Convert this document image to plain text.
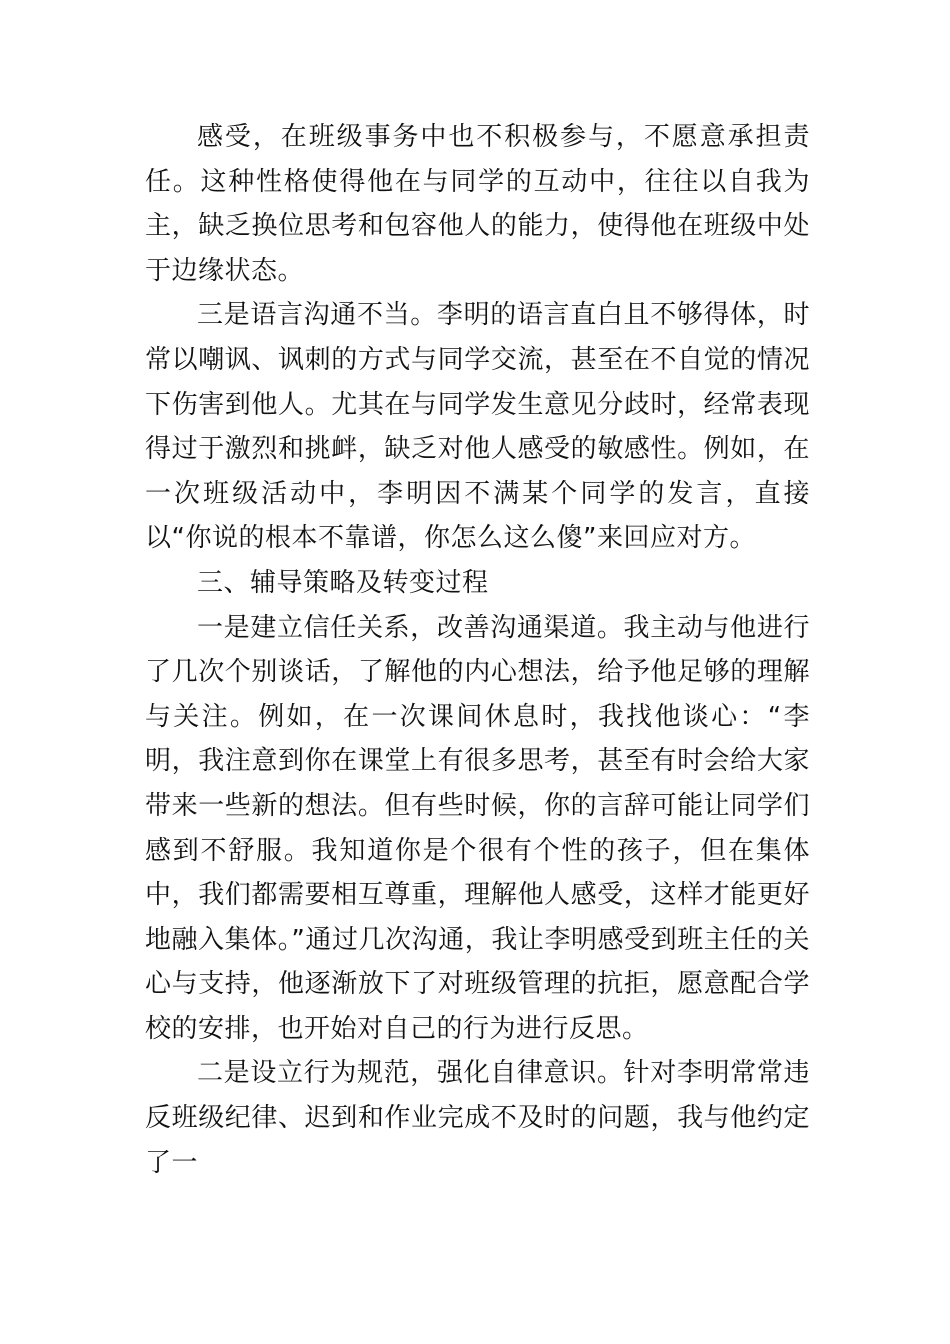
感受，在班级事务中也不积极参与，不愿意承担责任。这种性格使得他在与同学的互动中，往往以自我为主，缺乏换位思考和包容他人的能力，使得他在班级中处于边缘状态。

三是语言沟通不当。李明的语言直白且不够得体，时常以嘲讽、讽刺的方式与同学交流，甚至在不自觉的情况下伤害到他人。尤其在与同学发生意见分歧时，经常表现得过于激烈和挑衅，缺乏对他人感受的敏感性。例如，在一次班级活动中，李明因不满某个同学的发言，直接以“你说的根本不靠谱，你怎么这么傻”来回应对方。

三、辅导策略及转变过程

一是建立信任关系，改善沟通渠道。我主动与他进行了几次个别谈话，了解他的内心想法，给予他足够的理解与关注。例如，在一次课间休息时，我找他谈心：“李明，我注意到你在课堂上有很多思考，甚至有时会给大家带来一些新的想法。但有些时候，你的言辞可能让同学们感到不舒服。我知道你是个很有个性的孩子，但在集体中，我们都需要相互尊重，理解他人感受，这样才能更好地融入集体。”通过几次沟通，我让李明感受到班主任的关心与支持，他逐渐放下了对班级管理的抗拒，愿意配合学校的安排，也开始对自己的行为进行反思。

二是设立行为规范，强化自律意识。针对李明常常违反班级纪律、迟到和作业完成不及时的问题，我与他约定了一
